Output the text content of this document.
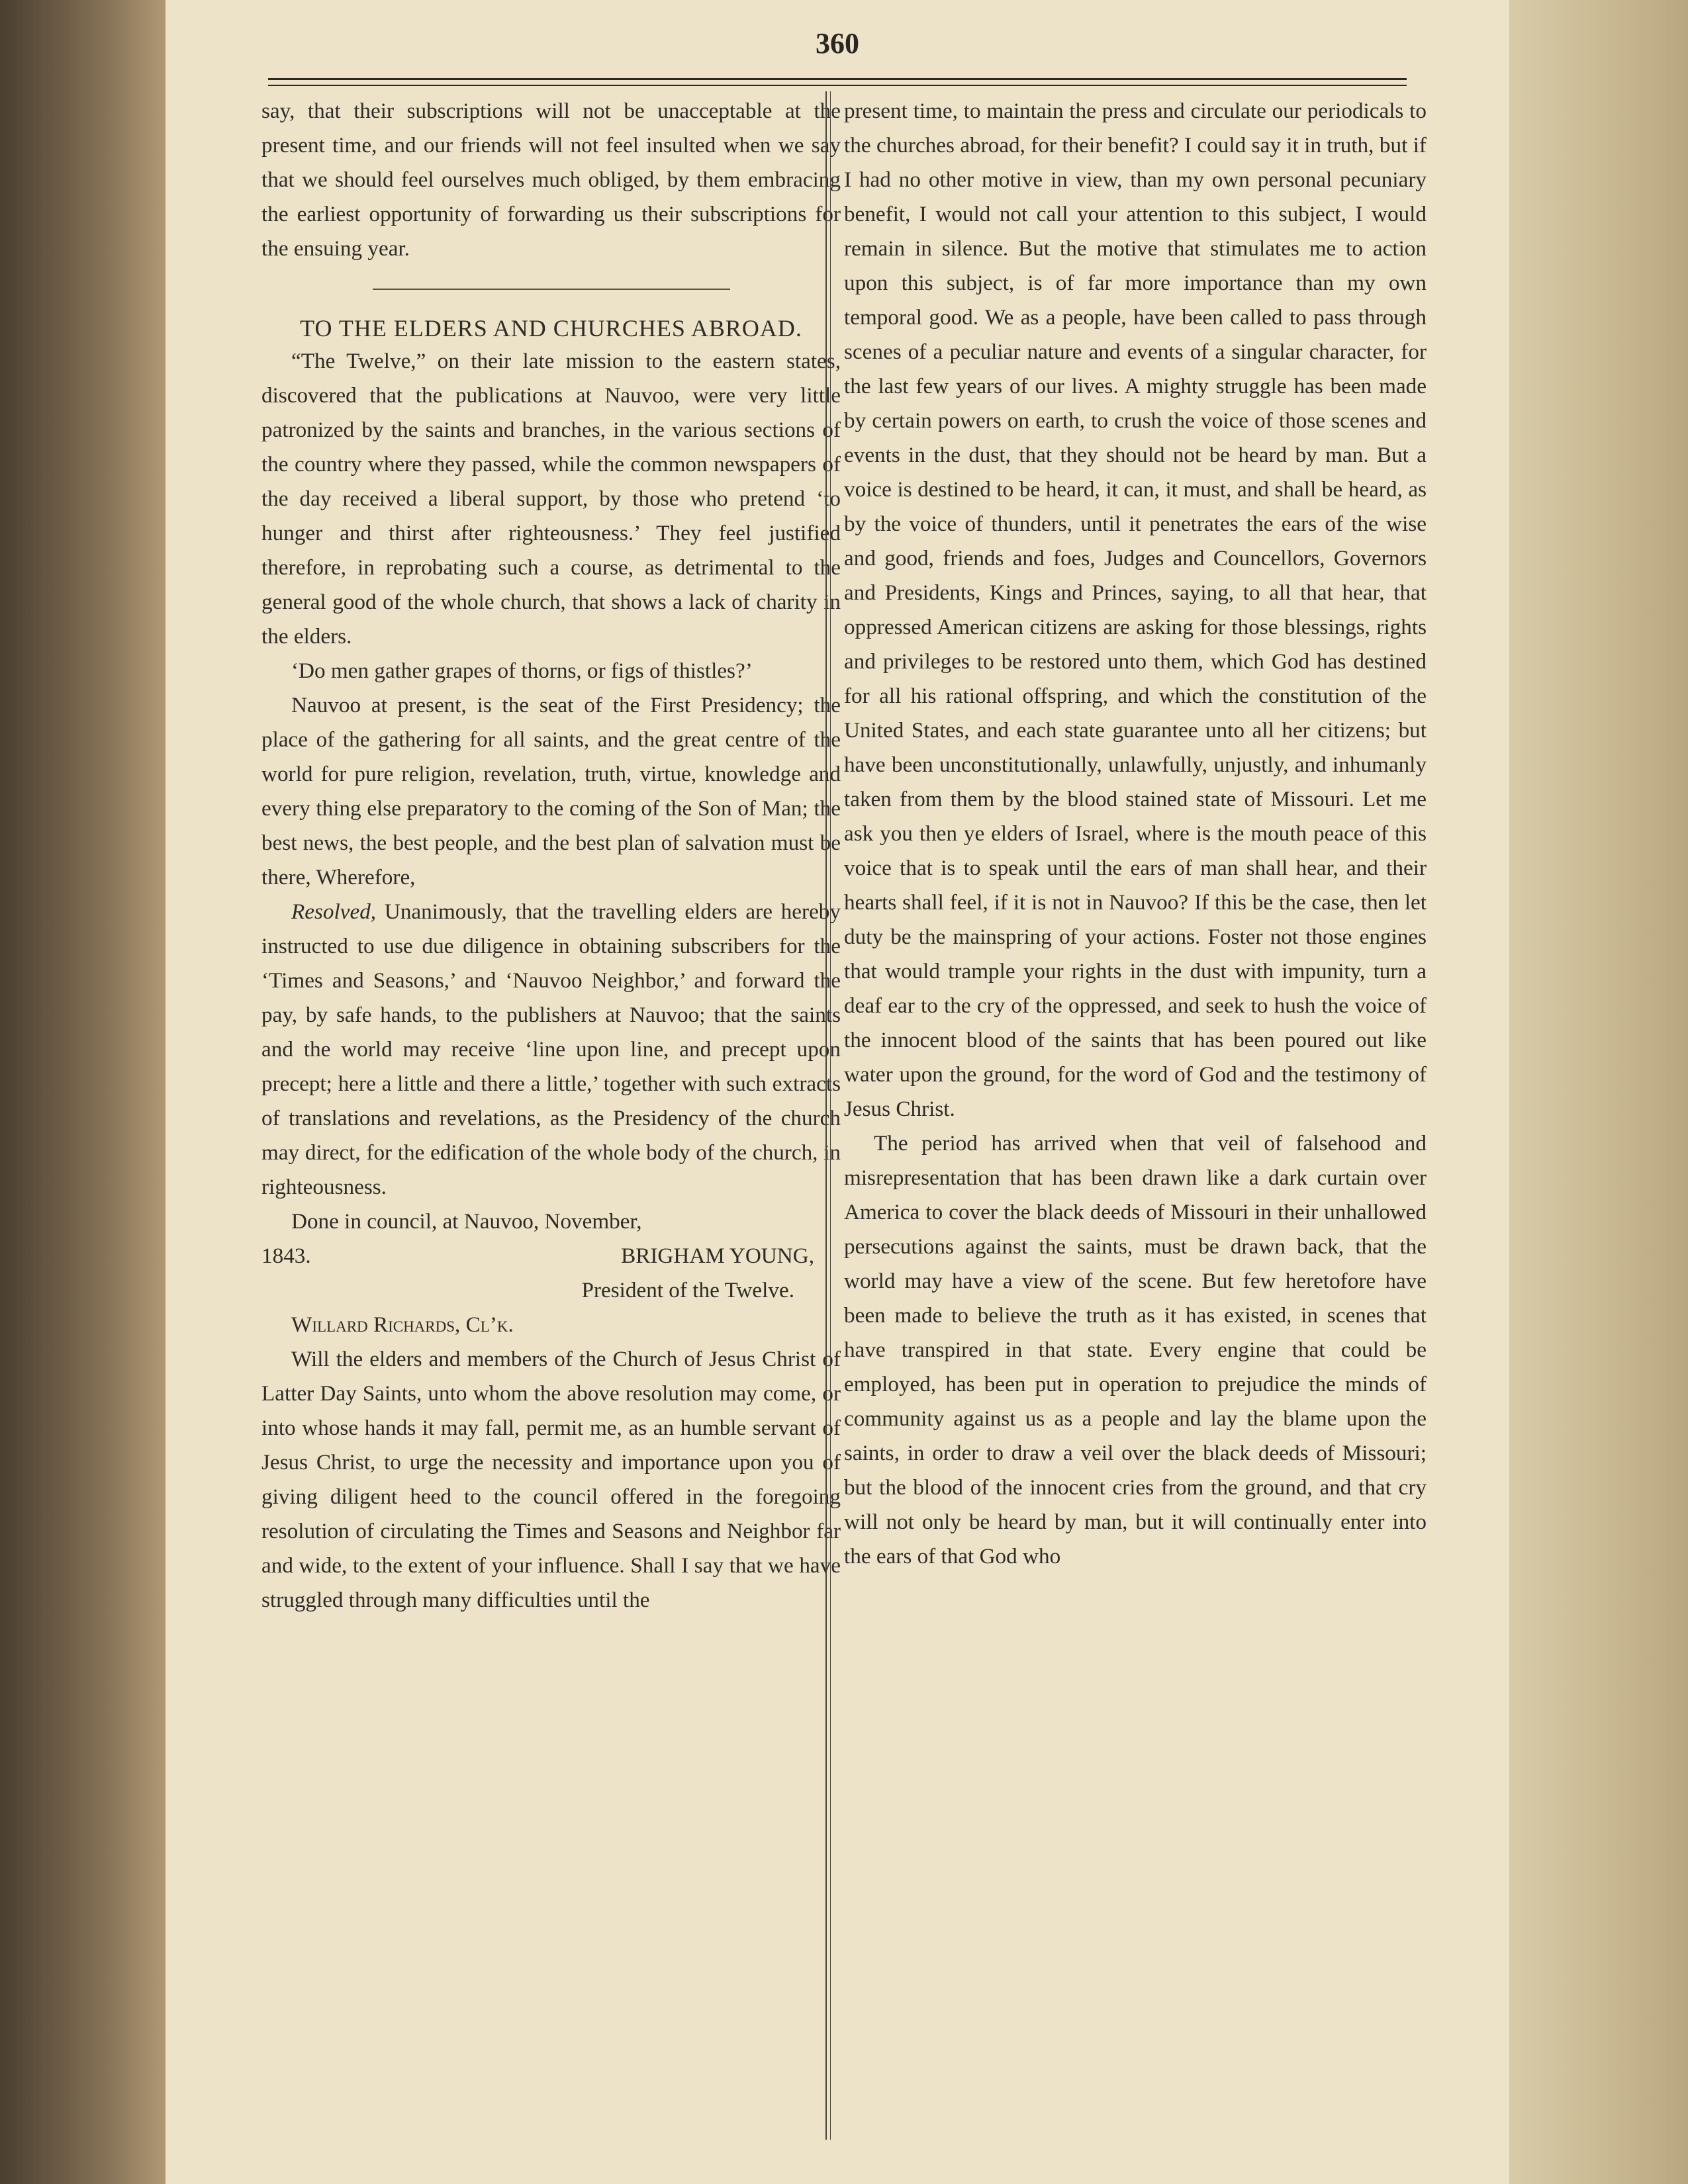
360

say, that their subscriptions will not be unacceptable at the present time, and our friends will not feel insulted when we say that we should feel ourselves much obliged, by them embracing the earliest opportunity of forwarding us their subscriptions for the ensuing year.

TO THE ELDERS AND CHURCHES ABROAD.

“The Twelve,” on their late mission to the eastern states, discovered that the publications at Nauvoo, were very little patronized by the saints and branches, in the various sections of the country where they passed, while the common newspapers of the day received a liberal support, by those who pretend ‘to hunger and thirst after righteousness.’ They feel justified therefore, in reprobating such a course, as detrimental to the general good of the whole church, that shows a lack of charity in the elders.

‘Do men gather grapes of thorns, or figs of thistles?’

Nauvoo at present, is the seat of the First Presidency; the place of the gathering for all saints, and the great centre of the world for pure religion, revelation, truth, virtue, knowledge and every thing else preparatory to the coming of the Son of Man; the best news, the best people, and the best plan of salvation must be there, Wherefore,

Resolved, Unanimously, that the travelling elders are hereby instructed to use due diligence in obtaining subscribers for the ‘Times and Seasons,’ and ‘Nauvoo Neighbor,’ and forward the pay, by safe hands, to the publishers at Nauvoo; that the saints and the world may receive ‘line upon line, and precept upon precept; here a little and there a little,’ together with such extracts of translations and revelations, as the Presidency of the church may direct, for the edification of the whole body of the church, in righteousness.

Done in council, at Nauvoo, November,

1843.	BRIGHAM YOUNG,

President of the Twelve.

Willard Richards, Cl’k.

Will the elders and members of the Church of Jesus Christ of Latter Day Saints, unto whom the above resolution may come, or into whose hands it may fall, permit me, as an humble servant of Jesus Christ, to urge the necessity and importance upon you of giving diligent heed to the council offered in the foregoing resolution of circulating the Times and Seasons and Neighbor far and wide, to the extent of your influence. Shall I say that we have struggled through many difficulties until the

present time, to maintain the press and circulate our periodicals to the churches abroad, for their benefit? I could say it in truth, but if I had no other motive in view, than my own personal pecuniary benefit, I would not call your attention to this subject, I would remain in silence. But the motive that stimulates me to action upon this subject, is of far more importance than my own temporal good. We as a people, have been called to pass through scenes of a peculiar nature and events of a singular character, for the last few years of our lives. A mighty struggle has been made by certain powers on earth, to crush the voice of those scenes and events in the dust, that they should not be heard by man. But a voice is destined to be heard, it can, it must, and shall be heard, as by the voice of thunders, until it penetrates the ears of the wise and good, friends and foes, Judges and Councellors, Governors and Presidents, Kings and Princes, saying, to all that hear, that oppressed American citizens are asking for those blessings, rights and privileges to be restored unto them, which God has destined for all his rational offspring, and which the constitution of the United States, and each state guarantee unto all her citizens; but have been unconstitutionally, unlawfully, unjustly, and inhumanly taken from them by the blood stained state of Missouri. Let me ask you then ye elders of Israel, where is the mouth peace of this voice that is to speak until the ears of man shall hear, and their hearts shall feel, if it is not in Nauvoo? If this be the case, then let duty be the mainspring of your actions. Foster not those engines that would trample your rights in the dust with impunity, turn a deaf ear to the cry of the oppressed, and seek to hush the voice of the innocent blood of the saints that has been poured out like water upon the ground, for the word of God and the testimony of Jesus Christ.

The period has arrived when that veil of falsehood and misrepresentation that has been drawn like a dark curtain over America to cover the black deeds of Missouri in their unhallowed persecutions against the saints, must be drawn back, that the world may have a view of the scene. But few heretofore have been made to believe the truth as it has existed, in scenes that have transpired in that state. Every engine that could be employed, has been put in operation to prejudice the minds of community against us as a people and lay the blame upon the saints, in order to draw a veil over the black deeds of Missouri; but the blood of the innocent cries from the ground, and that cry will not only be heard by man, but it will continually enter into the ears of that God who
